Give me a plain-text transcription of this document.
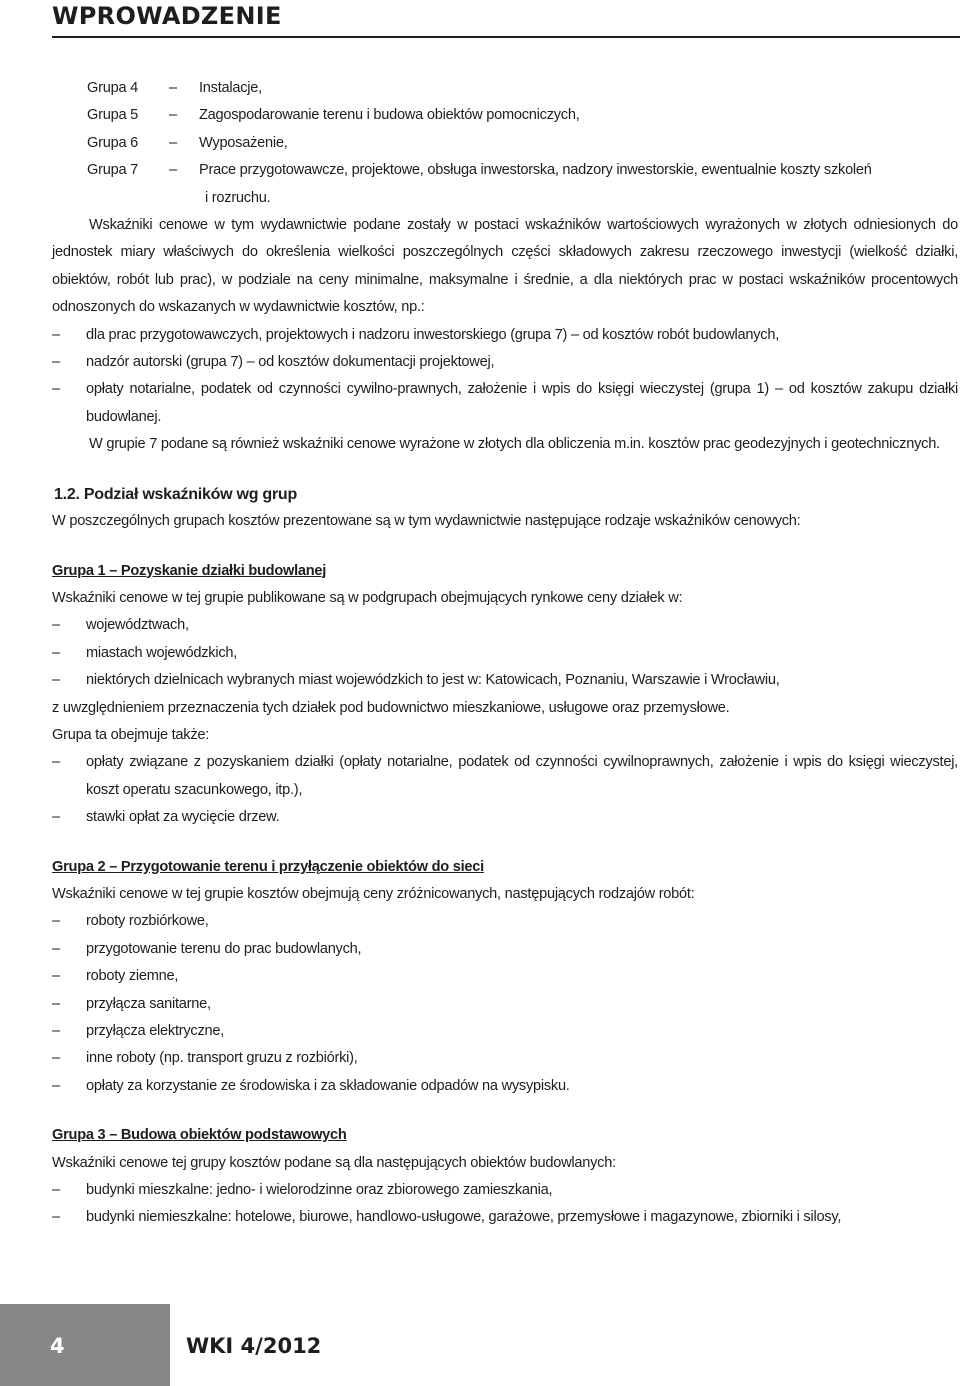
WPROWADZENIE
Grupa 4	–	Instalacje,
Grupa 5	–	Zagospodarowanie terenu i budowa obiektów pomocniczych,
Grupa 6	–	Wyposażenie,
Grupa 7	–	Prace przygotowawcze, projektowe, obsługa inwestorska, nadzory inwestorskie, ewentualnie koszty szkoleń
i rozruchu.

Wskaźniki cenowe w tym wydawnictwie podane zostały w postaci wskaźników wartościowych wyrażonych w złotych odniesionych do jednostek miary właściwych do określenia wielkości poszczególnych części składowych zakresu rzeczowego inwestycji (wielkość działki, obiektów, robót lub prac), w podziale na ceny minimalne, maksymalne i średnie, a dla niektórych prac w postaci wskaźników procentowych odnoszonych do wskazanych w wydawnictwie kosztów, np.:

– dla prac przygotowawczych, projektowych i nadzoru inwestorskiego (grupa 7) – od kosztów robót budowlanych,
– nadzór autorski (grupa 7) – od kosztów dokumentacji projektowej,
– opłaty notarialne, podatek od czynności cywilno-prawnych, założenie i wpis do księgi wieczystej (grupa 1) – od kosztów zakupu działki budowlanej.

W grupie 7 podane są również wskaźniki cenowe wyrażone w złotych dla obliczenia m.in. kosztów prac geodezyjnych i geotechnicznych.

1.2. Podział wskaźników wg grup

W poszczególnych grupach kosztów prezentowane są w tym wydawnictwie następujące rodzaje wskaźników cenowych:

Grupa 1 – Pozyskanie działki budowlanej

Wskaźniki cenowe w tej grupie publikowane są w podgrupach obejmujących rynkowe ceny działek w:

– województwach,
– miastach wojewódzkich,
– niektórych dzielnicach wybranych miast wojewódzkich to jest w: Katowicach, Poznaniu, Warszawie i Wrocławiu,

z uwzględnieniem przeznaczenia tych działek pod budownictwo mieszkaniowe, usługowe oraz przemysłowe.

Grupa ta obejmuje także:

– opłaty związane z pozyskaniem działki (opłaty notarialne, podatek od czynności cywilnoprawnych, założenie i wpis do księgi wieczystej, koszt operatu szacunkowego, itp.),
– stawki opłat za wycięcie drzew.

Grupa 2 – Przygotowanie terenu i przyłączenie obiektów do sieci

Wskaźniki cenowe w tej grupie kosztów obejmują ceny zróżnicowanych, następujących rodzajów robót:

– roboty rozbiórkowe,
– przygotowanie terenu do prac budowlanych,
– roboty ziemne,
– przyłącza sanitarne,
– przyłącza elektryczne,
– inne roboty (np. transport gruzu z rozbiórki),
– opłaty za korzystanie ze środowiska i za składowanie odpadów na wysypisku.

Grupa 3 – Budowa obiektów podstawowych

Wskaźniki cenowe tej grupy kosztów podane są dla następujących obiektów budowlanych:

– budynki mieszkalne: jedno- i wielorodzinne oraz zbiorowego zamieszkania,
– budynki niemieszkalne: hotelowe, biurowe, handlowo-usługowe, garażowe, przemysłowe i magazynowe, zbiorniki i silosy,
4	WKI 4/2012
